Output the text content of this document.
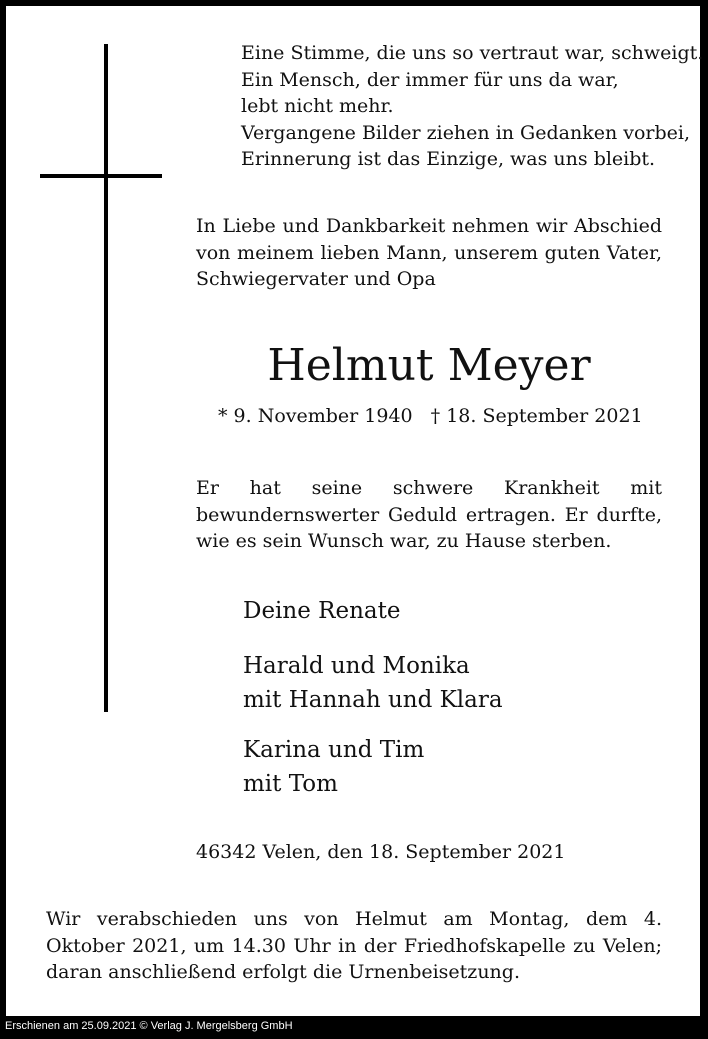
Eine Stimme, die uns so vertraut war, schweigt.
Ein Mensch, der immer für uns da war,
lebt nicht mehr.
Vergangene Bilder ziehen in Gedanken vorbei,
Erinnerung ist das Einzige, was uns bleibt.
In Liebe und Dankbarkeit nehmen wir Abschied von meinem lieben Mann, unserem guten Vater, Schwiegervater und Opa
Helmut Meyer
* 9. November 1940 † 18. September 2021
Er hat seine schwere Krankheit mit bewundernswerter Geduld ertragen. Er durfte, wie es sein Wunsch war, zu Hause sterben.
Deine Renate
Harald und Monika
mit Hannah und Klara
Karina und Tim
mit Tom
46342 Velen, den 18. September 2021
Wir verabschieden uns von Helmut am Montag, dem 4. Oktober 2021, um 14.30 Uhr in der Friedhofskapelle zu Velen; daran anschließend erfolgt die Urnenbeisetzung.
Erschienen am 25.09.2021 © Verlag J. Mergelsberg GmbH
